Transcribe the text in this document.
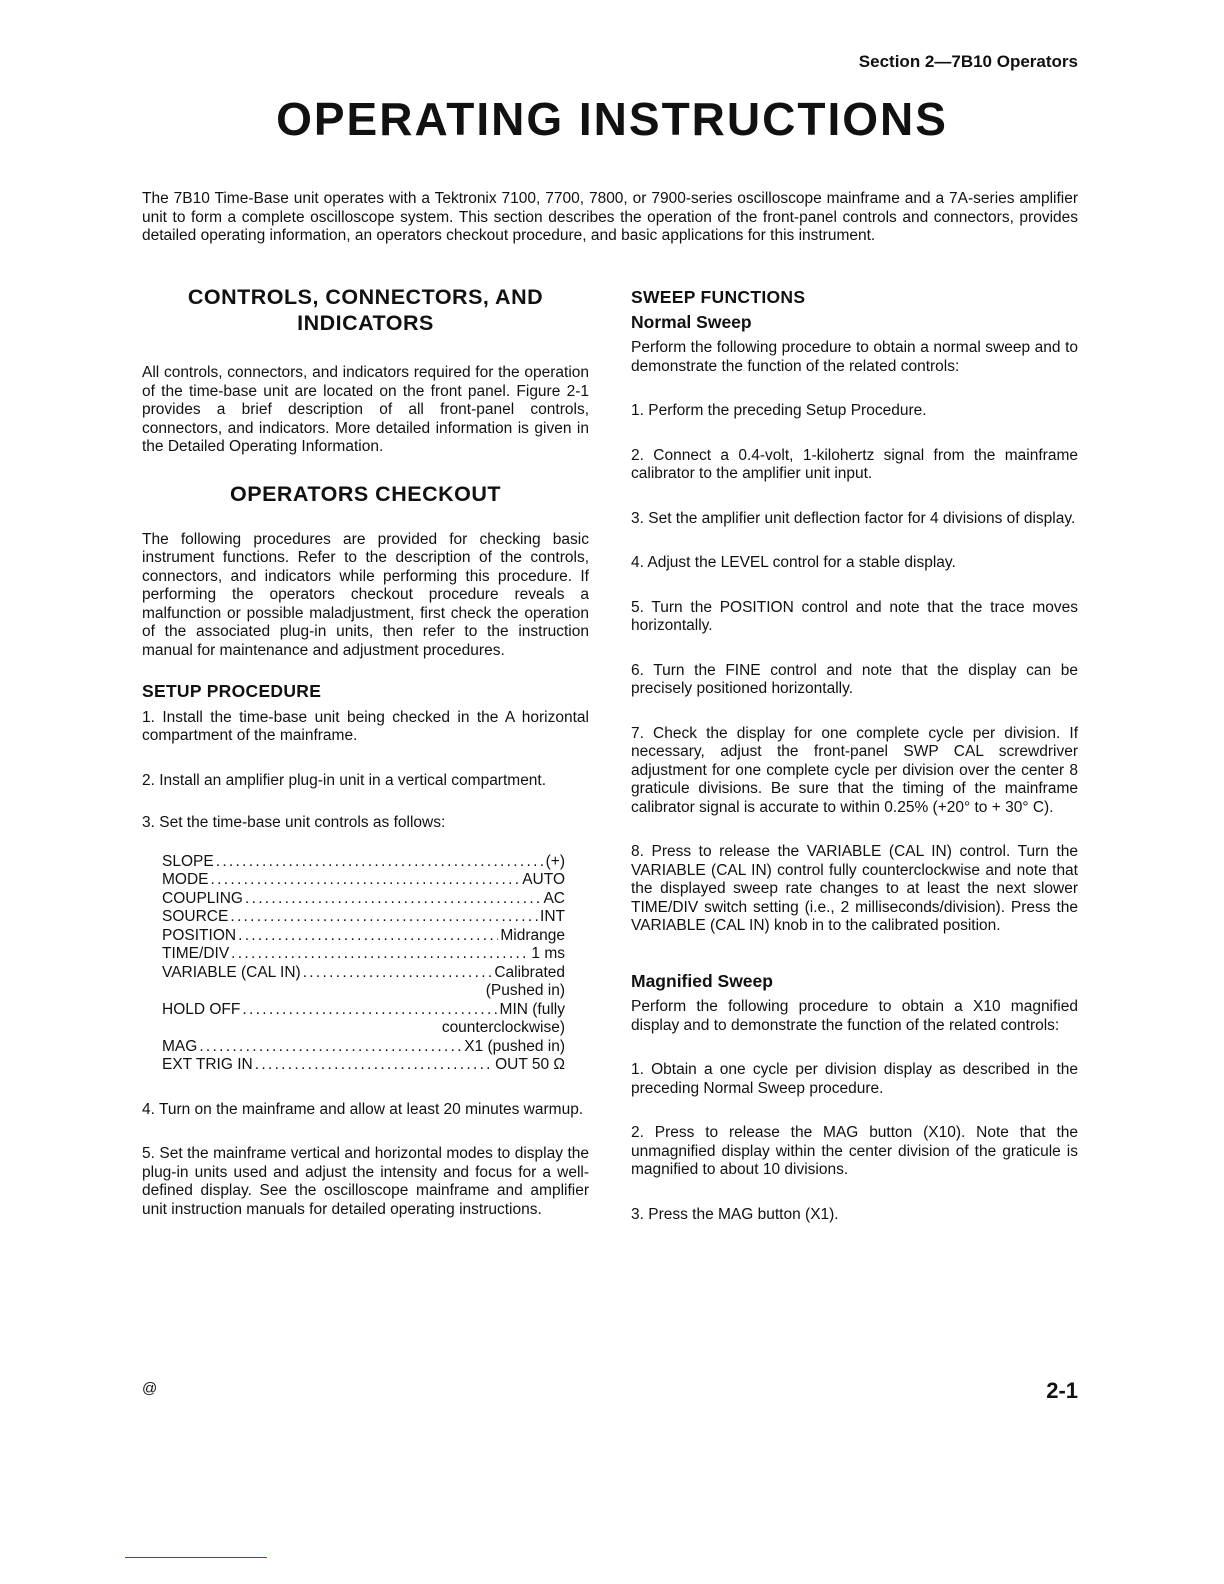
Section 2—7B10 Operators
OPERATING INSTRUCTIONS

The 7B10 Time-Base unit operates with a Tektronix 7100, 7700, 7800, or 7900-series oscilloscope mainframe and a 7A-series amplifier unit to form a complete oscilloscope system. This section describes the operation of the front-panel controls and connectors, provides detailed operating information, an operators checkout procedure, and basic applications for this instrument.

CONTROLS, CONNECTORS, AND INDICATORS

All controls, connectors, and indicators required for the operation of the time-base unit are located on the front panel. Figure 2-1 provides a brief description of all front-panel controls, connectors, and indicators. More detailed information is given in the Detailed Operating Information.

OPERATORS CHECKOUT

The following procedures are provided for checking basic instrument functions. Refer to the description of the controls, connectors, and indicators while performing this procedure. If performing the operators checkout procedure reveals a malfunction or possible maladjustment, first check the operation of the associated plug-in units, then refer to the instruction manual for maintenance and adjustment procedures.

SETUP PROCEDURE

1. Install the time-base unit being checked in the A horizontal compartment of the mainframe.

2. Install an amplifier plug-in unit in a vertical compartment.

3. Set the time-base unit controls as follows:

SLOPE . . .	(+)
MODE . . .	AUTO
COUPLING . . .	AC
SOURCE . . .	INT
POSITION . . .	Midrange
TIME/DIV . . .	1 ms
VARIABLE (CAL IN) . . .	Calibrated
(Pushed in)
HOLD OFF . . .	MIN (fully
counterclockwise)
MAG . . .	X1 (pushed in)
EXT TRIG IN . . .	OUT 50 Ω

4. Turn on the mainframe and allow at least 20 minutes warmup.

5. Set the mainframe vertical and horizontal modes to display the plug-in units used and adjust the intensity and focus for a well-defined display. See the oscilloscope mainframe and amplifier unit instruction manuals for detailed operating instructions.

SWEEP FUNCTIONS
Normal Sweep

Perform the following procedure to obtain a normal sweep and to demonstrate the function of the related controls:

1. Perform the preceding Setup Procedure.

2. Connect a 0.4-volt, 1-kilohertz signal from the mainframe calibrator to the amplifier unit input.

3. Set the amplifier unit deflection factor for 4 divisions of display.

4. Adjust the LEVEL control for a stable display.

5. Turn the POSITION control and note that the trace moves horizontally.

6. Turn the FINE control and note that the display can be precisely positioned horizontally.

7. Check the display for one complete cycle per division. If necessary, adjust the front-panel SWP CAL screwdriver adjustment for one complete cycle per division over the center 8 graticule divisions. Be sure that the timing of the mainframe calibrator signal is accurate to within 0.25% (+20° to + 30° C).

8. Press to release the VARIABLE (CAL IN) control. Turn the VARIABLE (CAL IN) control fully counterclockwise and note that the displayed sweep rate changes to at least the next slower TIME/DIV switch setting (i.e., 2 milliseconds/division). Press the VARIABLE (CAL IN) knob in to the calibrated position.

Magnified Sweep

Perform the following procedure to obtain a X10 magnified display and to demonstrate the function of the related controls:

1. Obtain a one cycle per division display as described in the preceding Normal Sweep procedure.

2. Press to release the MAG button (X10). Note that the unmagnified display within the center division of the graticule is magnified to about 10 divisions.

3. Press the MAG button (X1).

@	2-1
